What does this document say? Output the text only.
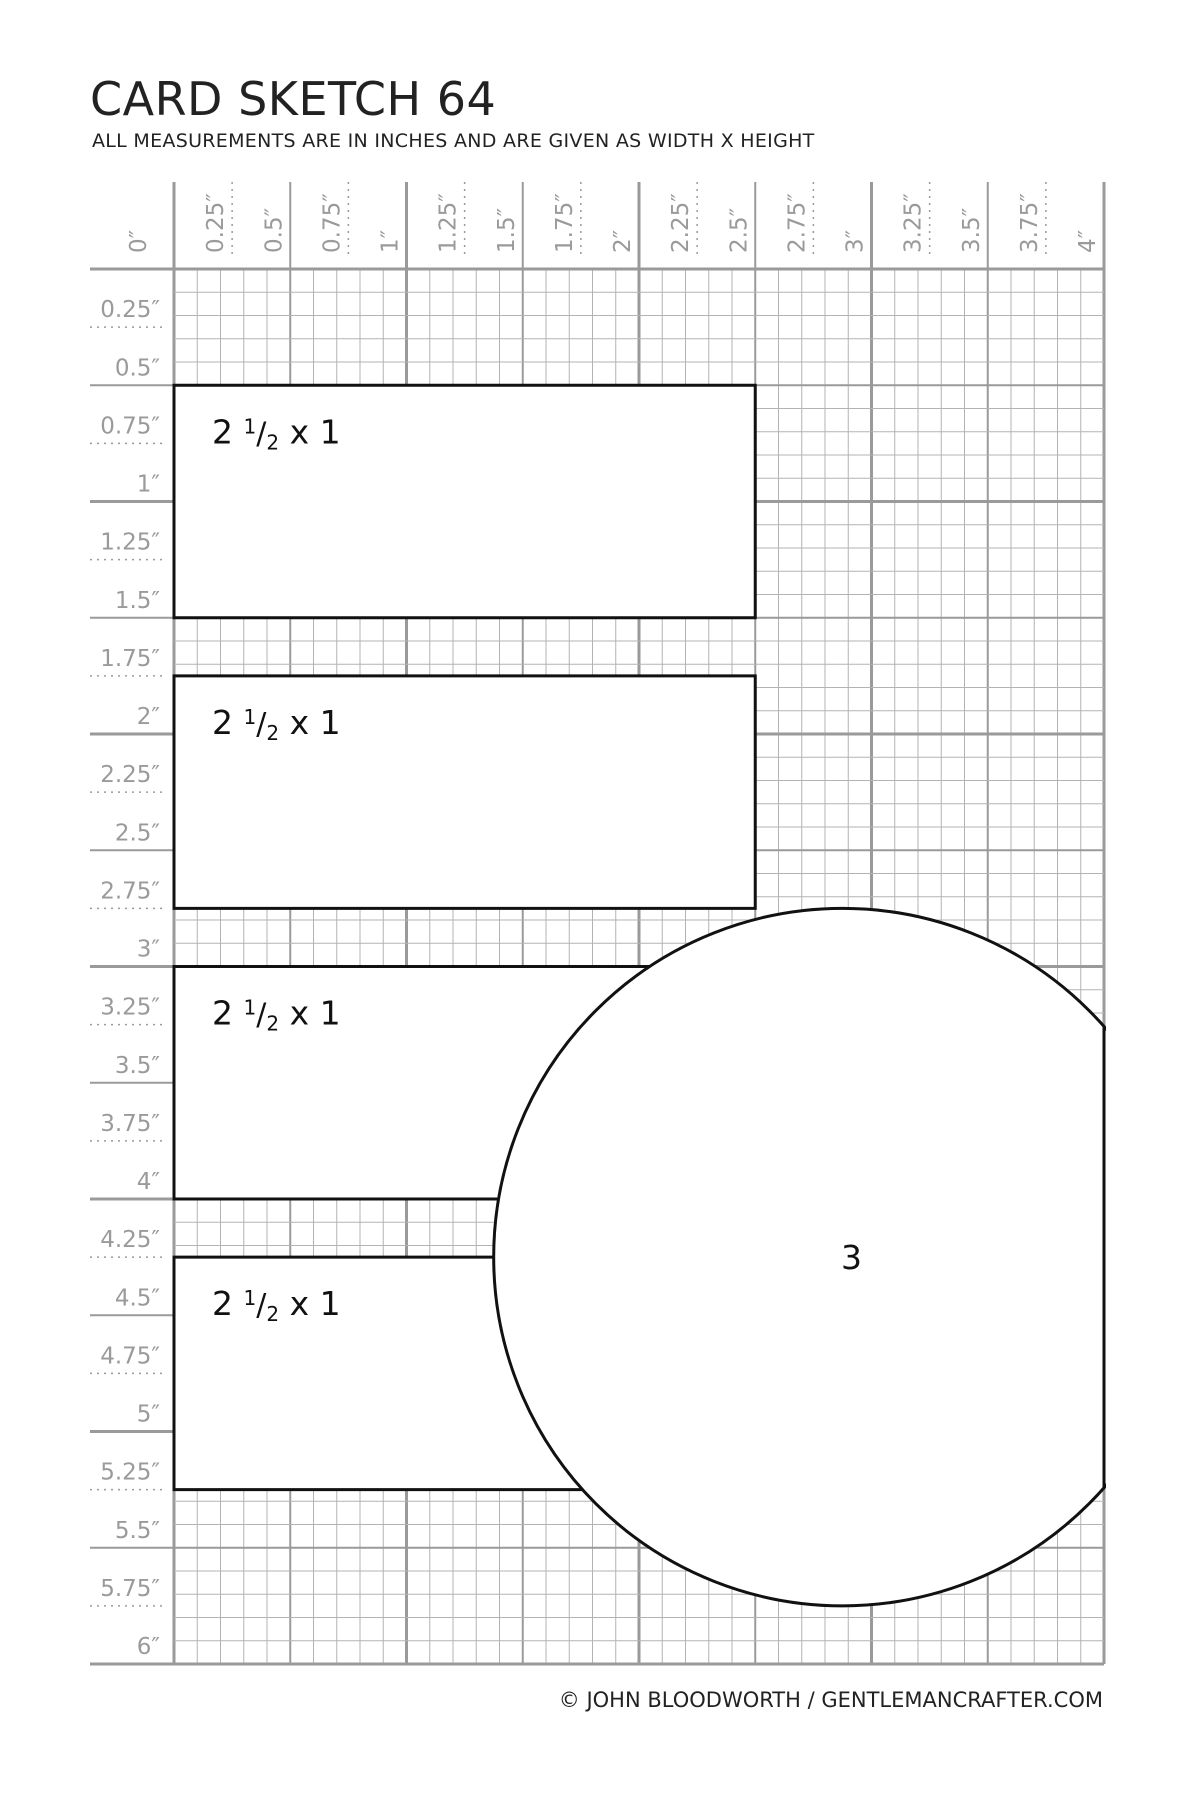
CARD SKETCH 64
ALL MEASUREMENTS ARE IN INCHES AND ARE GIVEN AS WIDTH X HEIGHT
0.25″ 0.5″ 0.75″ 1″ 1.25″ 1.5″ 1.75″ 2″ 2.25″ 2.5″ 2.75″ 3″ 3.25″ 3.5″ 3.75″ 4″
0″
0.25″
0.5″
0.75″
1″
1.25″
1.5″
1.75″
2″
2.25″
2.5″
2.75″
3″
3.25″
3.5″
3.75″
4″
4.25″
4.5″
4.75″
5″
5.25″
5.5″
5.75″
6″
2 $^1$/2 x 1
2 $^1$/2 x 1
2 $^1$/2 x 1
2 $^1$/2 x 1
3
© JOHN BLOODWORTH / GENTLEMANCRAFTER.COM
